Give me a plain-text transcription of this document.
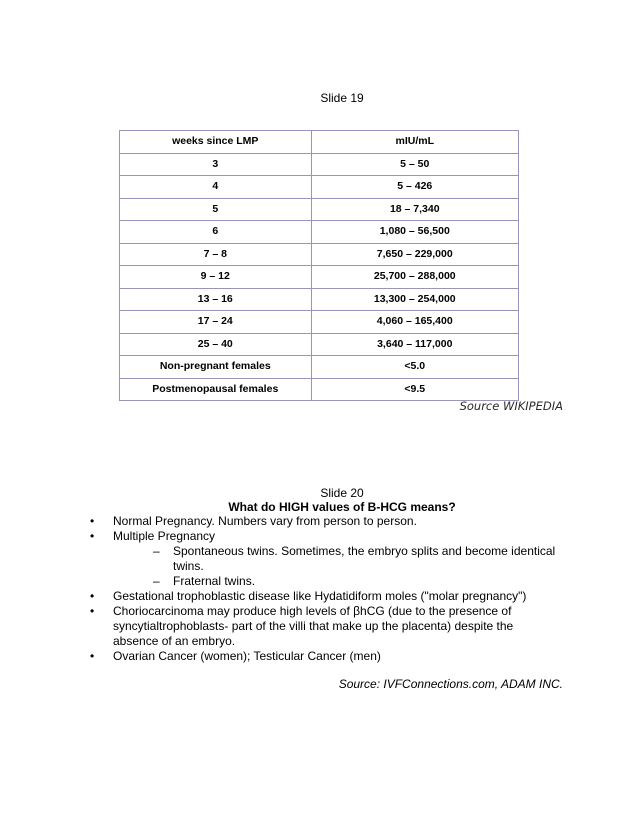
Slide 19
weeks since LMP	mIU/mL
3	5 – 50
4	5 – 426
5	18 – 7,340
6	1,080 – 56,500
7 – 8	7,650 – 229,000
9 – 12	25,700 – 288,000
13 – 16	13,300 – 254,000
17 – 24	4,060 – 165,400
25 – 40	3,640 – 117,000
Non-pregnant females	<5.0
Postmenopausal females	<9.5
Source WIKIPEDIA
Slide 20
What do HIGH values of B-HCG means?
• Normal Pregnancy. Numbers vary from person to person.
• Multiple Pregnancy
– Spontaneous twins. Sometimes, the embryo splits and become identical twins.
– Fraternal twins.
• Gestational trophoblastic disease like Hydatidiform moles ("molar pregnancy")
• Choriocarcinoma may produce high levels of βhCG (due to the presence of syncytialtrophoblasts- part of the villi that make up the placenta) despite the absence of an embryo.
• Ovarian Cancer (women); Testicular Cancer (men)
Source: IVFConnections.com, ADAM INC.
